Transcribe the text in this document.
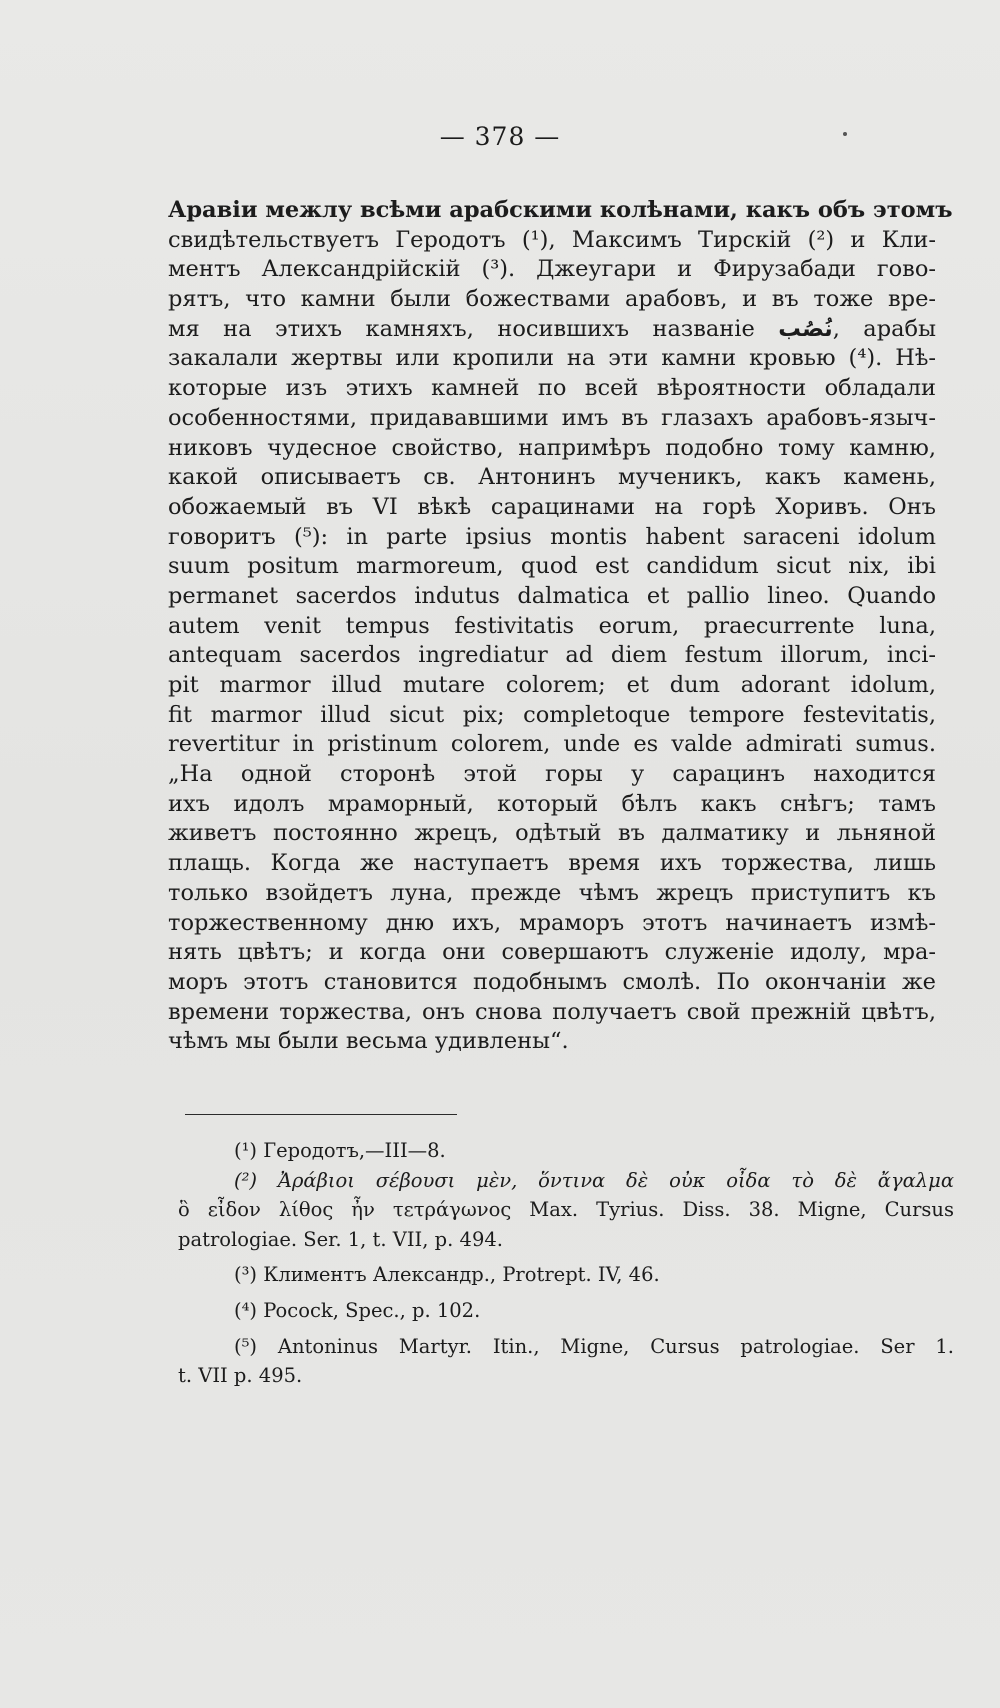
— 378 —
Аравіи межлу всѣми арабскими колѣнами, какъ объ этомъ
свидѣтельствуетъ Геродотъ (¹), Максимъ Тирскій (²) и Кли-
ментъ Александрійскій (³). Джеугари и Фирузабади гово-
рятъ, что камни были божествами арабовъ, и въ тоже вре-
мя на этихъ камняхъ, носившихъ названіе نُصُب, арабы
закалали жертвы или кропили на эти камни кровью (⁴). Нѣ-
которые изъ этихъ камней по всей вѣроятности обладали
особенностями, придававшими имъ въ глазахъ арабовъ-языч-
никовъ чудесное свойство, напримѣръ подобно тому камню,
какой описываетъ св. Антонинъ мученикъ, какъ камень,
обожаемый въ VI вѣкѣ сарацинами на горѣ Хоривъ. Онъ
говоритъ (⁵): in parte ipsius montis habent saraceni idolum
suum positum marmoreum, quod est candidum sicut nix, ibi
permanet sacerdos indutus dalmatica et pallio lineo. Quando
autem venit tempus festivitatis eorum, praecurrente luna,
antequam sacerdos ingrediatur ad diem festum illorum, inci-
pit marmor illud mutare colorem; et dum adorant idolum,
fit marmor illud sicut pix; completoque tempore festevitatis,
revertitur in pristinum colorem, unde es valde admirati sumus.
„На одной сторонѣ этой горы у сарацинъ находится
ихъ идолъ мраморный, который бѣлъ какъ снѣгъ; тамъ
живетъ постоянно жрецъ, одѣтый въ далматику и льняной
плащь. Когда же наступаетъ время ихъ торжества, лишь
только взойдетъ луна, прежде чѣмъ жрецъ приступитъ къ
торжественному дню ихъ, мраморъ этотъ начинаетъ измѣ-
нять цвѣтъ; и когда они совершаютъ служеніе идолу, мра-
моръ этотъ становится подобнымъ смолѣ. По окончаніи же
времени торжества, онъ снова получаетъ свой прежній цвѣтъ,
чѣмъ мы были весьма удивлены“.
(¹) Геродотъ,—III—8.
(²) Ἀράβιοι σέβουσι μὲν, ὅντινα δὲ οὐκ οἶδα τὸ δὲ ἄγαλμα
ὃ εἶδον λίθος ἦν τετράγωνος Max. Tyrius. Diss. 38. Migne, Cursus
patrologiae. Ser. 1, t. VII, p. 494.
(³) Климентъ Александр., Protrept. IV, 46.
(⁴) Pocock, Spec., p. 102.
(⁵) Antoninus Martyr. Itin., Migne, Cursus patrologiae. Ser 1.
t. VII p. 495.
